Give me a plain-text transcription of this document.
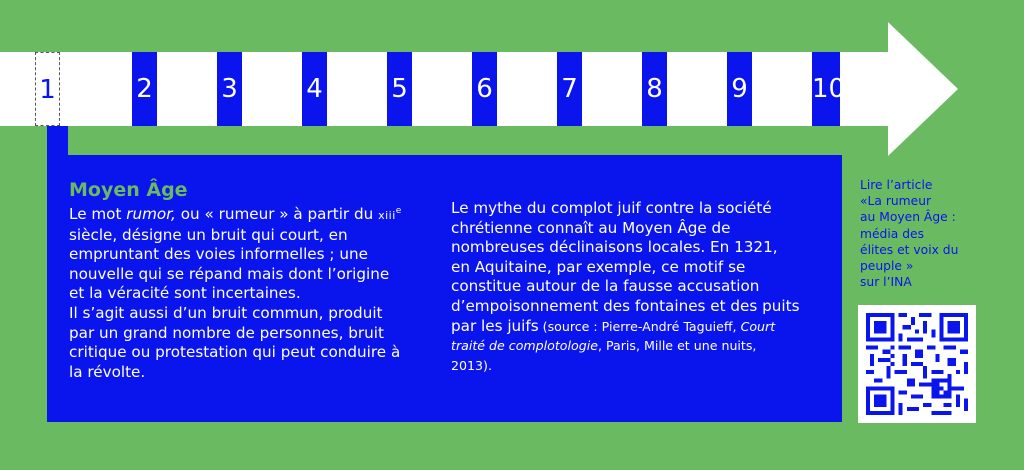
1	2	3	4	5	6	7	8	9 10
Moyen Âge

Le mot rumor, ou « rumeur » à partir du xiii$^e$ siècle, désigne un bruit qui court, en empruntant des voies informelles ; une nouvelle qui se répand mais dont l’origine et la véracité sont incertaines.

Il s’agit aussi d’un bruit commun, produit par un grand nombre de personnes, bruit critique ou protestation qui peut conduire à la révolte.

Le mythe du complot juif contre la société chrétienne connaît au Moyen Âge de nombreuses déclinaisons locales. En 1321, en Aquitaine, par exemple, ce motif se constitue autour de la fausse accusation d’empoisonnement des fontaines et des puits par les juifs (source : Pierre-André Taguieff, Court traité de complotologie, Paris, Mille et une nuits, 2013).

Lire l’article
«La rumeur
au Moyen Âge :
média des
élites et voix du
peuple »
sur l’INA
